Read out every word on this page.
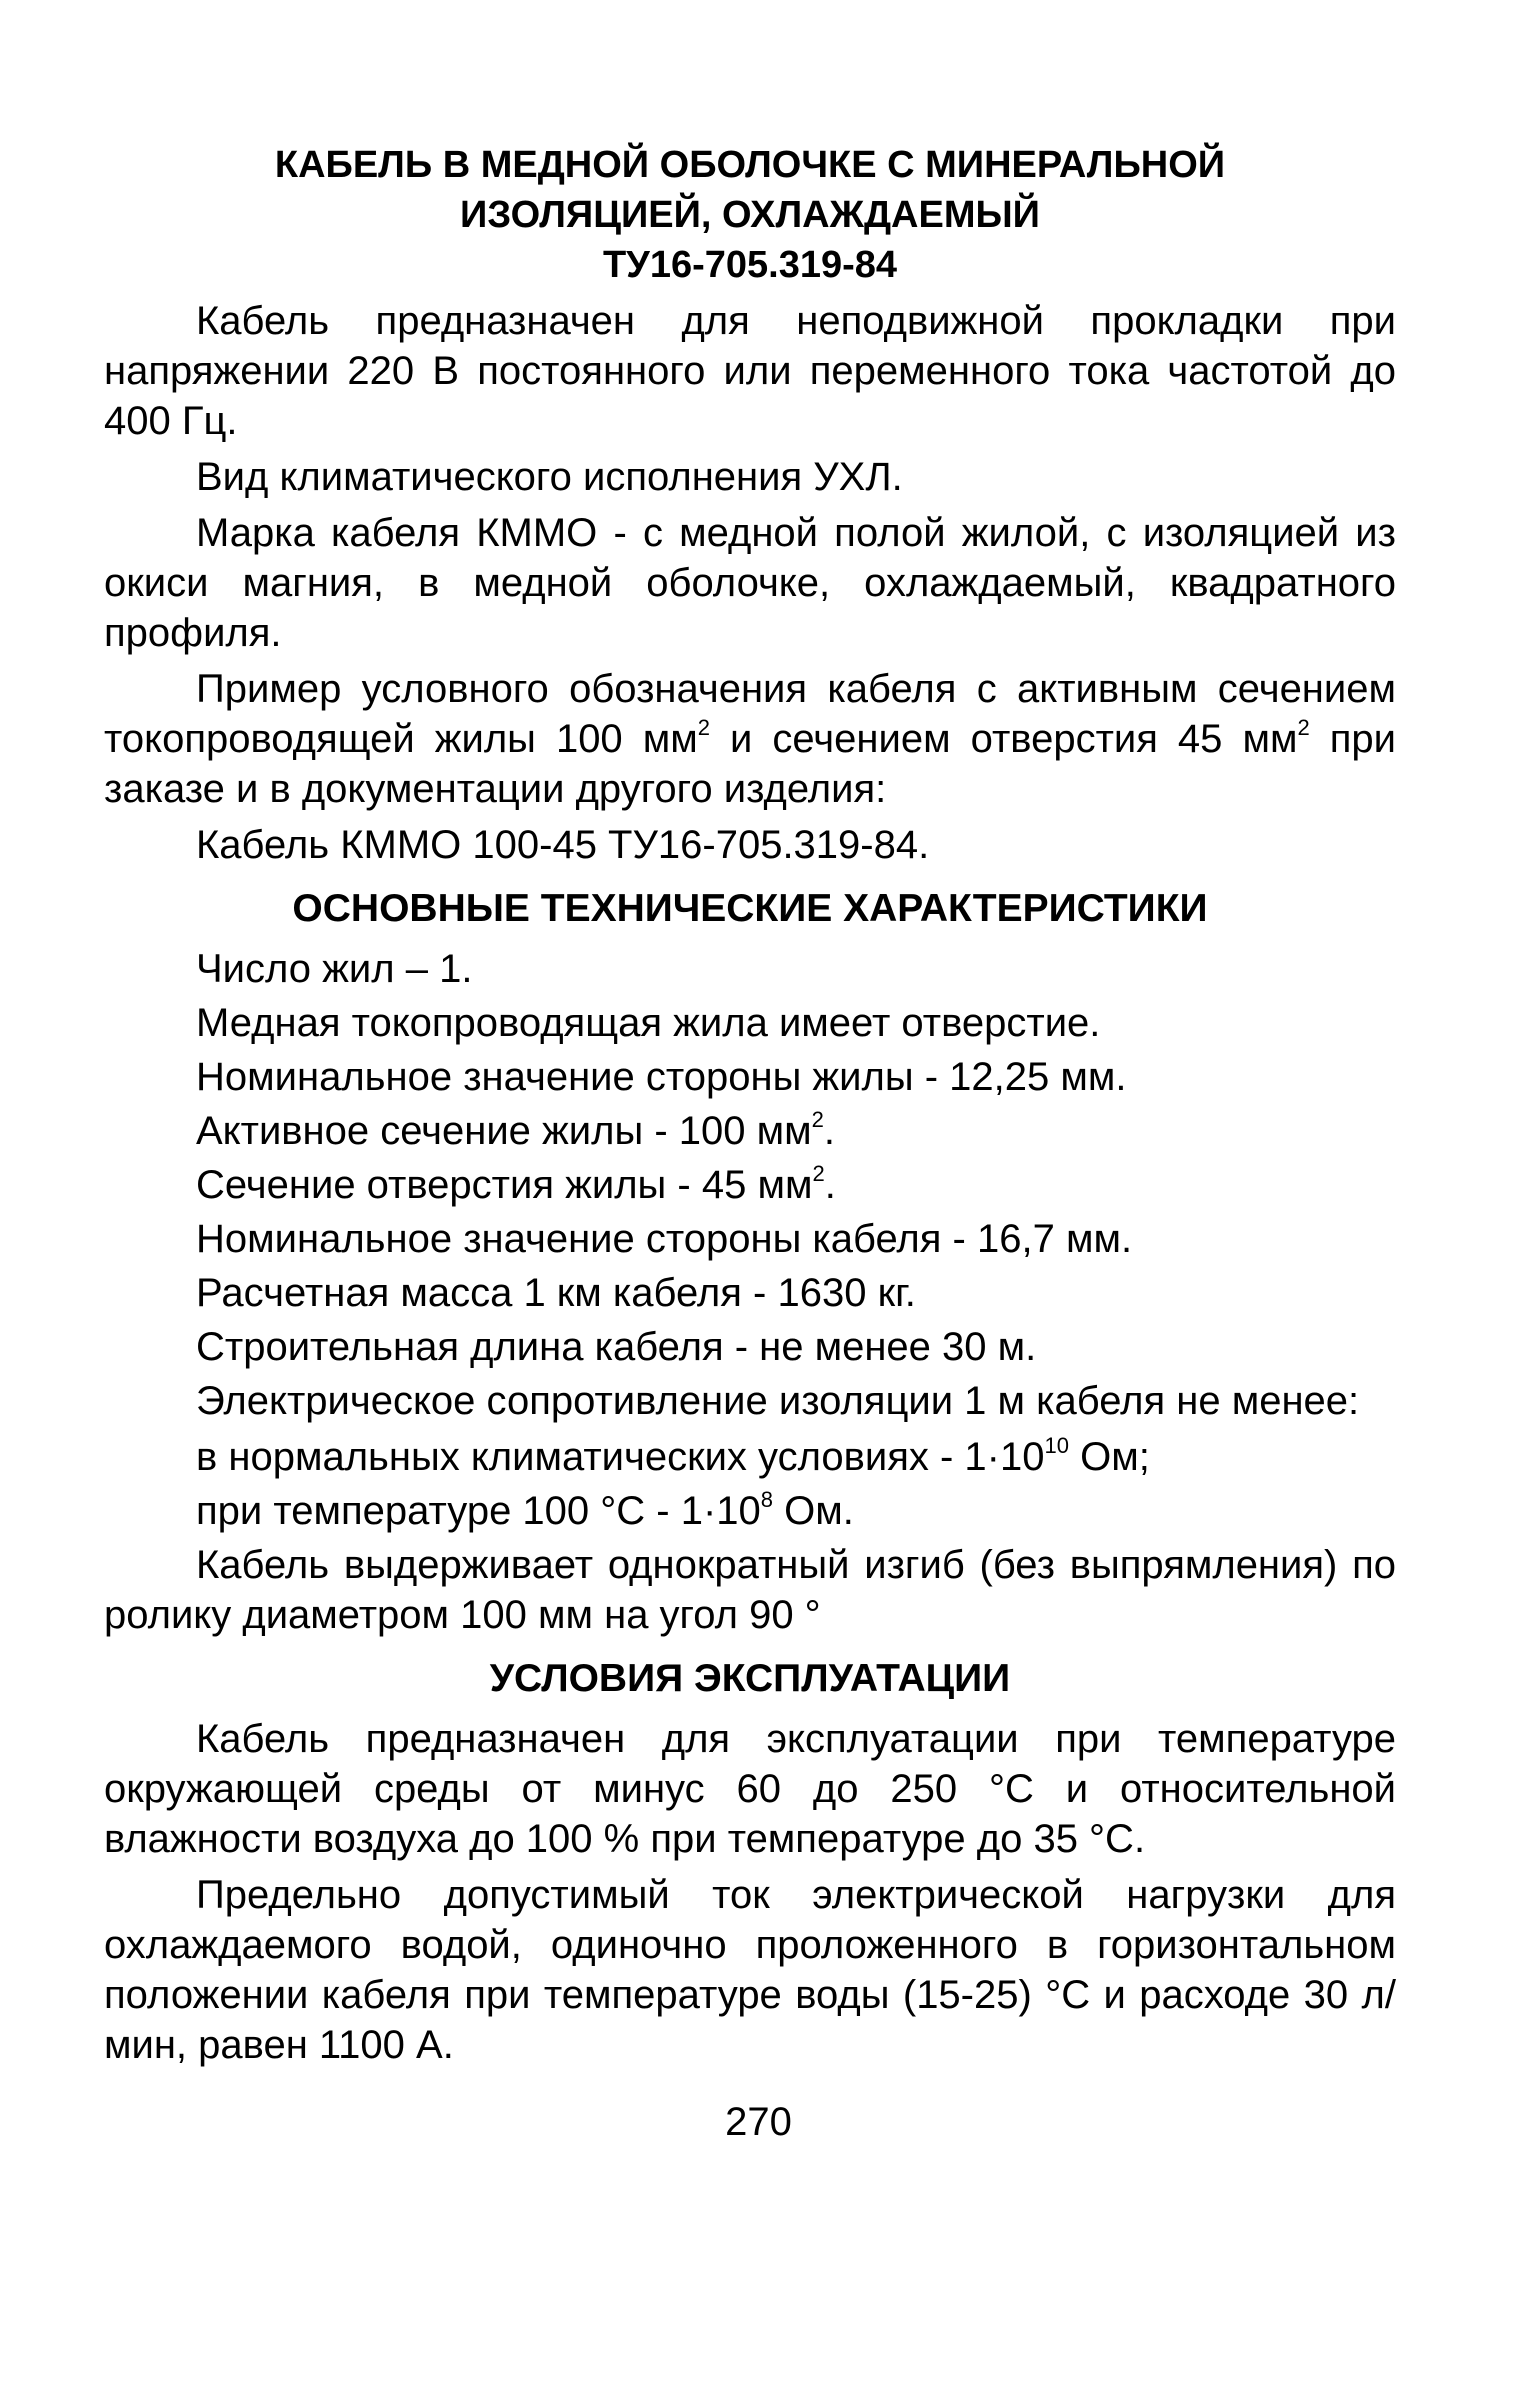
КАБЕЛЬ В МЕДНОЙ ОБОЛОЧКЕ С МИНЕРАЛЬНОЙ
ИЗОЛЯЦИЕЙ, ОХЛАЖДАЕМЫЙ
ТУ16-705.319-84

Кабель предназначен для неподвижной прокладки при напряжении 220 В постоянного или переменного тока частотой до 400 Гц.

Вид климатического исполнения УХЛ.

Марка кабеля КММО - с медной полой жилой, с изоляцией из окиси магния, в медной оболочке, охлаждаемый, квадратного профиля.

Пример условного обозначения кабеля с активным сечением токопроводящей жилы 100 $мм^2$ и сечением отверстия 45 $мм^2$ при заказе и в документации другого изделия:

Кабель КММО 100-45 ТУ16-705.319-84.

ОСНОВНЫЕ ТЕХНИЧЕСКИЕ ХАРАКТЕРИСТИКИ

Число жил – 1.

Медная токопроводящая жила имеет отверстие.

Номинальное значение стороны жилы - 12,25 мм.

Активное сечение жилы - 100 $мм^2$.

Сечение отверстия жилы - 45 $мм^2$.

Номинальное значение стороны кабеля - 16,7 мм.

Расчетная масса 1 км кабеля - 1630 кг.

Строительная длина кабеля - не менее 30 м.

Электрическое сопротивление изоляции 1 м кабеля не менее:

в нормальных климатических условиях - $1\cdot 10^{10}$ Ом;

при температуре 100 $^\circ С - 1\cdot 10^8$ Ом.

Кабель выдерживает однократный изгиб (без выпрямления) по ролику диаметром 100 мм на угол 90 °

УСЛОВИЯ ЭКСПЛУАТАЦИИ

Кабель предназначен для эксплуатации при температуре окружающей среды от минус 60 до 250 °С и относительной влажности воздуха до 100 % при температуре до 35 °С.

Предельно допустимый ток электрической нагрузки для охлаждаемого водой, одиночно проложенного в горизонтальном положении кабеля при температуре воды (15-25) °С и расходе 30 л/мин, равен 1100 А.

270
